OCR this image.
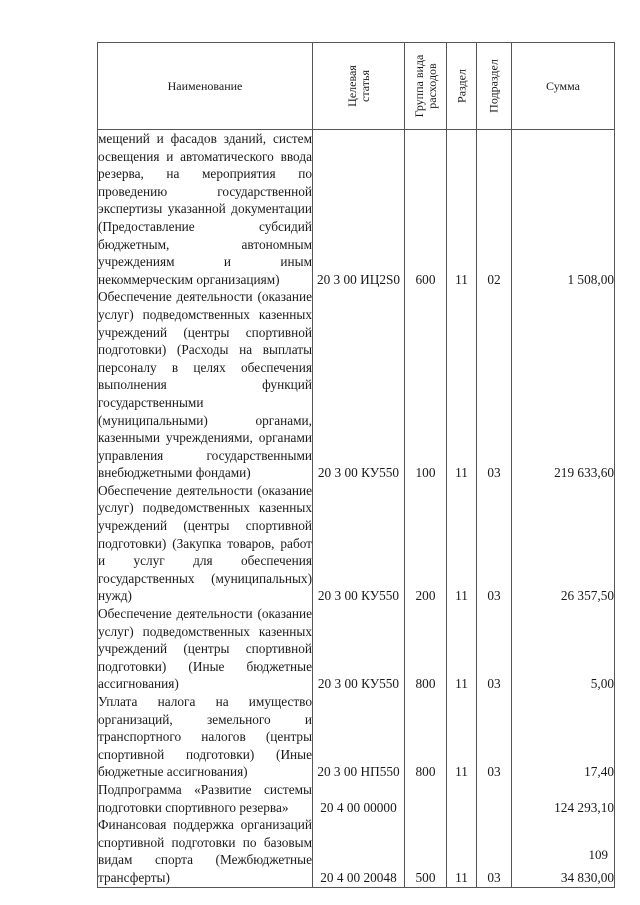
Наименование	Целевая статья	Группа вида расходов	Раздел	Подраздел	Сумма
мещений и фасадов зданий, систем освещения и автоматического ввода резерва, на мероприятия по проведению государственной экспертизы указанной документации (Предоставление субсидий бюджетным, автономным учреждениям и иным некоммерческим организациям)	20 3 00 ИЦ2S0	600	11	02	1 508,00
Обеспечение деятельности (оказание услуг) подведомственных казенных учреждений (центры спортивной подготовки) (Расходы на выплаты персоналу в целях обеспечения выполнения функций государственными (муниципальными) органами, казенными учреждениями, органами управления государственными внебюджетными фондами)	20 3 00 КУ550	100	11	03	219 633,60
Обеспечение деятельности (оказание услуг) подведомственных казенных учреждений (центры спортивной подготовки) (Закупка товаров, работ и услуг для обеспечения государственных (муниципальных) нужд)	20 3 00 КУ550	200	11	03	26 357,50
Обеспечение деятельности (оказание услуг) подведомственных казенных учреждений (центры спортивной подготовки) (Иные бюджетные ассигнования)	20 3 00 КУ550	800	11	03	5,00
Уплата налога на имущество организаций, земельного и транспортного налогов (центры спортивной подготовки) (Иные бюджетные ассигнования)	20 3 00 НП550	800	11	03	17,40
Подпрограмма «Развитие системы подготовки спортивного резерва»	20 4 00 00000				124 293,10
Финансовая поддержка организаций спортивной подготовки по базовым видам спорта (Межбюджетные трансферты)	20 4 00 20048	500	11	03	34 830,00
109
